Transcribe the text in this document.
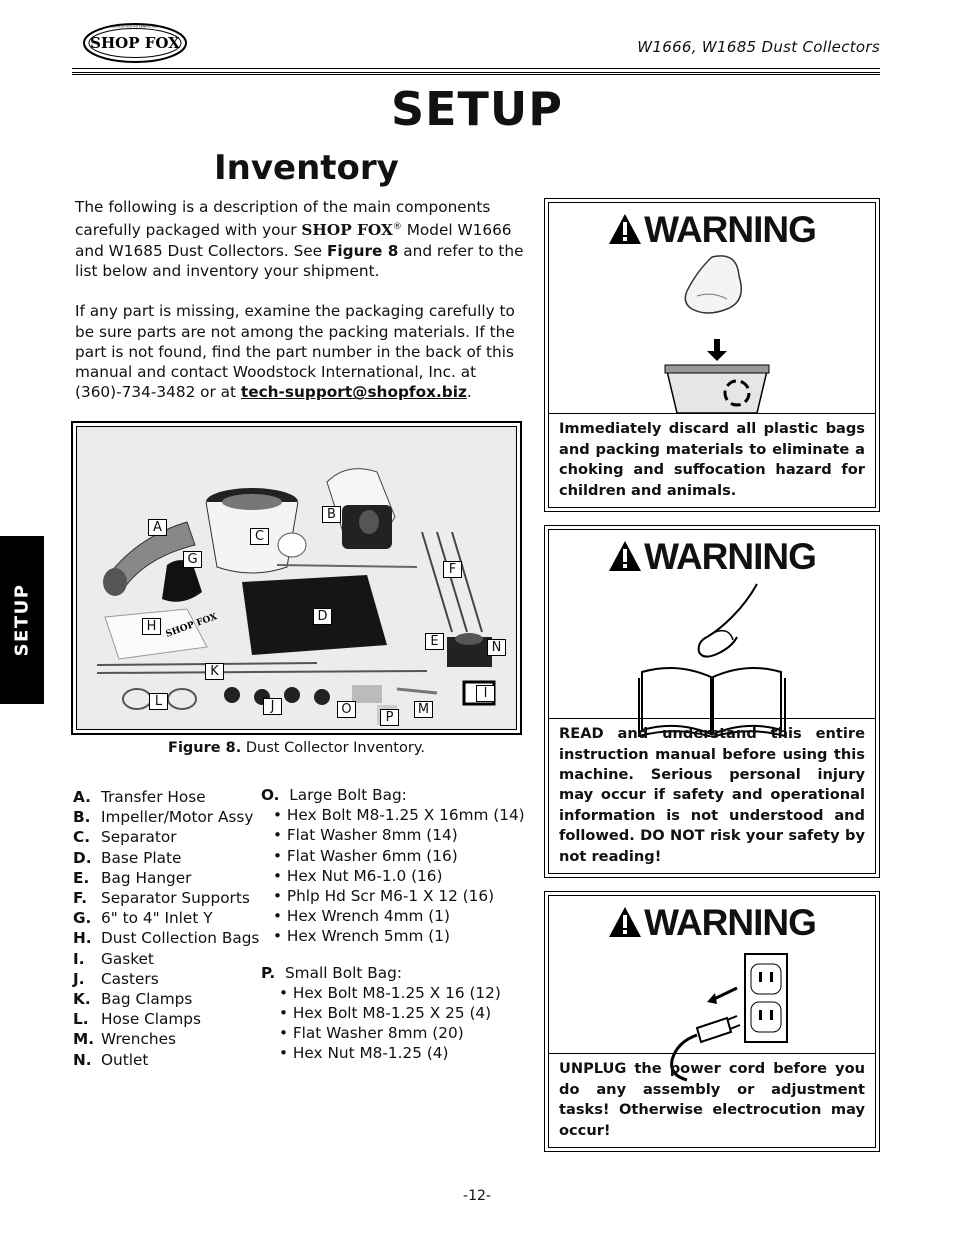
SHOP FOX
WOODSTOCK INTERNATIONAL
W1666, W1685 Dust Collectors
SETUP
Inventory

The following is a description of the main components carefully packaged with your SHOP FOX® Model W1666 and W1685 Dust Collectors. See Figure 8 and refer to the list below and inventory your shipment.

If any part is missing, examine the packaging carefully to be sure parts are not among the packing materials. If the part is not found, find the part number in the back of this manual and contact Woodstock International, Inc. at (360)-734-3482 or at tech-support@shopfox.biz.

SETUP	SHOP FOX
A
B
C
D
E
F
G
H
I
J
K
L
M
N
O
P
Figure 8. Dust Collector Inventory.
A. Transfer Hose
B. Impeller/Motor Assy
C. Separator
D. Base Plate
E. Bag Hanger
F. Separator Supports
G. 6" to 4" Inlet Y
H. Dust Collection Bags
I. Gasket
J. Casters
K. Bag Clamps
L. Hose Clamps
M. Wrenches
N. Outlet
O. Large Bolt Bag:
• Hex Bolt M8-1.25 X 16mm (14)
• Flat Washer 8mm (14)
• Flat Washer 6mm (16)
• Hex Nut M6-1.0 (16)
• Phlp Hd Scr M6-1 X 12 (16)
• Hex Wrench 4mm (1)
• Hex Wrench 5mm (1)
P. Small Bolt Bag:
• Hex Bolt M8-1.25 X 16 (12)
• Hex Bolt M8-1.25 X 25 (4)
• Flat Washer 8mm (20)
• Hex Nut M8-1.25 (4)
WARNING
Immediately discard all plastic bags and packing materials to eliminate a choking and suffocation hazard for children and animals.
WARNING
READ and understand this entire instruction manual before using this machine. Serious personal injury may occur if safety and operational information is not understood and followed. DO NOT risk your safety by not reading!
WARNING
UNPLUG the power cord before you do any assembly or adjustment tasks! Otherwise electrocution may occur!
-12-
